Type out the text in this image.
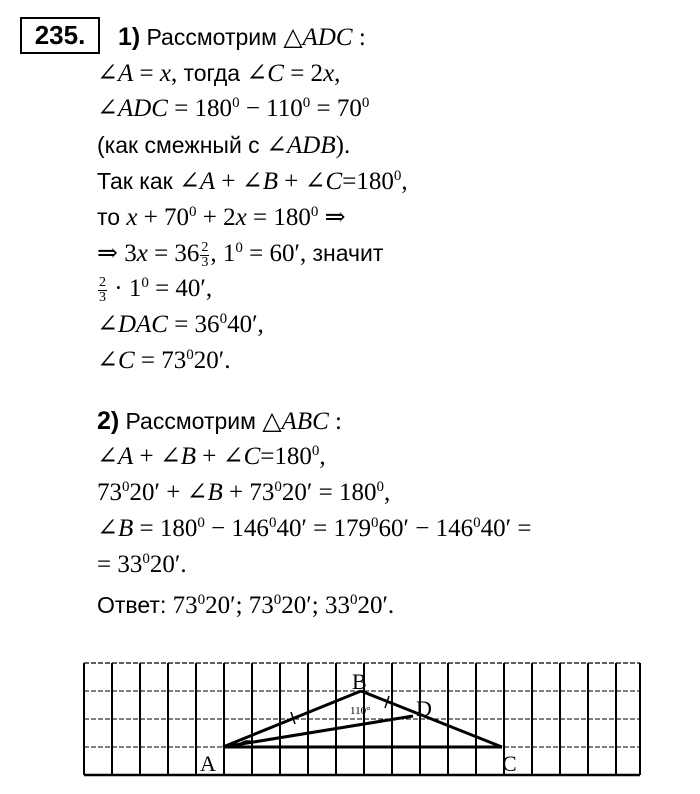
235.	1) Рассмотрим △ADC :
∠A = x, тогда ∠C = 2x,
∠ADC = $180^0 - 110^0 = 70^0$
(как смежный с ∠ADB).
Так как ∠A + ∠B + $\angle C=180^0$,
то $x + 70^0 + 2x = 180^0$ ⇒
⇒ $3x = 36 \frac{2}{3}$ , $1^0 = 60'$, значит
$\frac{2}{3} \cdot 1^0 = 40'$,
∠DAC = $36^040'$,
∠C = $73^020'$.
2) Рассмотрим △ABC :
∠A + ∠B + $\angle C=180^0$,
$73^020'$ + ∠B + $73^020' = 180^0$,
∠B = $180^0 - 146^040' = 179^060' - 146^040'$ =
= $33^020'$.
Ответ: $73^020'$; $73^020'$; $33^020'$.
B
D
A	C
110°
